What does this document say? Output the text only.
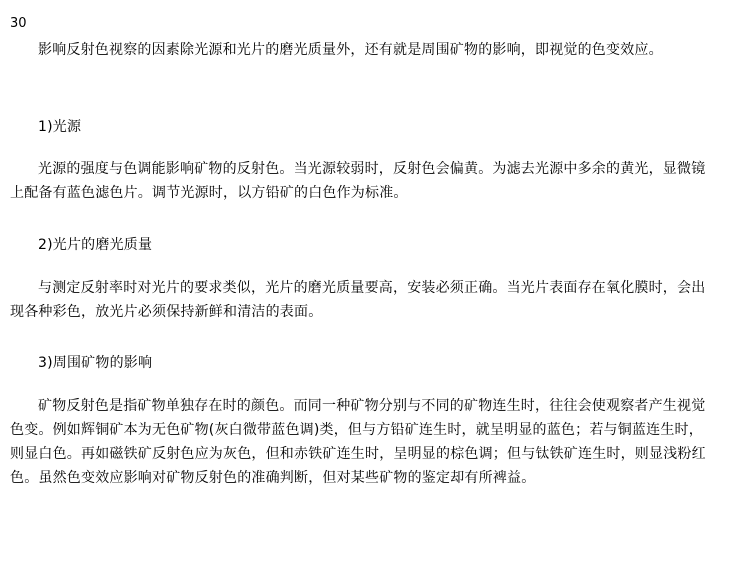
30

影响反射色视察的因素除光源和光片的磨光质量外，还有就是周围矿物的影响，即视觉的色变效应。

1)光源

光源的强度与色调能影响矿物的反射色。当光源较弱时，反射色会偏黄。为滤去光源中多余的黄光，显微镜上配备有蓝色滤色片。调节光源时，以方铅矿的白色作为标准。

2)光片的磨光质量

与测定反射率时对光片的要求类似，光片的磨光质量要高，安装必须正确。当光片表面存在氧化膜时，会出现各种彩色，放光片必须保持新鲜和清洁的表面。

3)周围矿物的影响

矿物反射色是指矿物单独存在时的颜色。而同一种矿物分别与不同的矿物连生时，往往会使观察者产生视觉色变。例如辉铜矿本为无色矿物(灰白微带蓝色调)类，但与方铅矿连生时，就呈明显的蓝色；若与铜蓝连生时，则显白色。再如磁铁矿反射色应为灰色，但和赤铁矿连生时，呈明显的棕色调；但与钛铁矿连生时，则显浅粉红色。虽然色变效应影响对矿物反射色的准确判断，但对某些矿物的鉴定却有所裨益。
